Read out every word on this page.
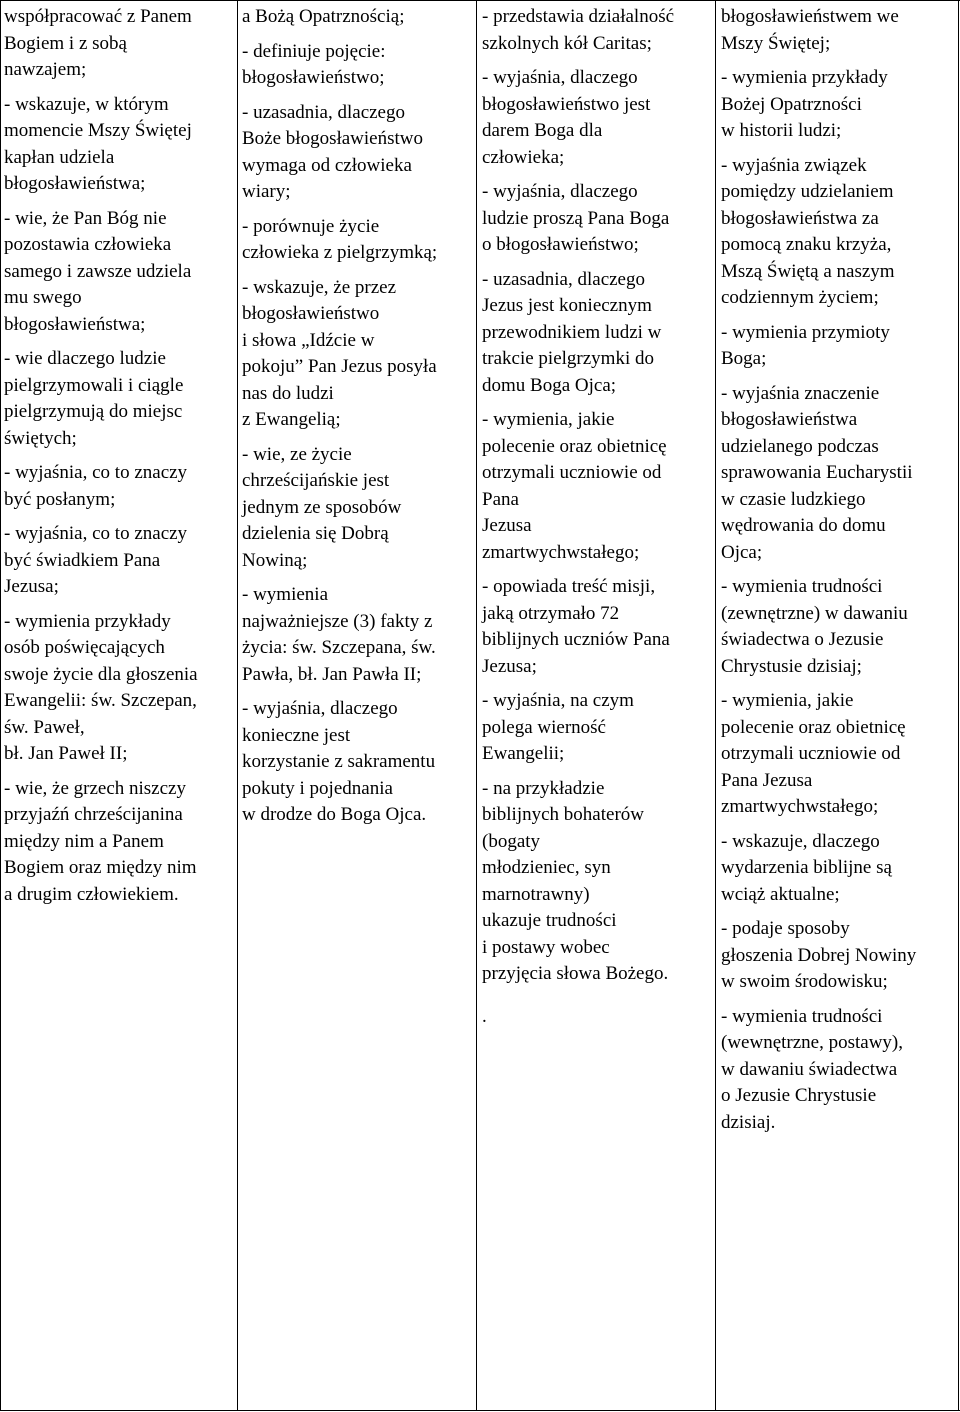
współpracować z Panem
Bogiem i z sobą
nawzajem;
- wskazuje, w którym
momencie Mszy Świętej
kapłan udziela
błogosławieństwa;
- wie, że Pan Bóg nie
pozostawia człowieka
samego i zawsze udziela
mu swego
błogosławieństwa;
- wie dlaczego ludzie
pielgrzymowali i ciągle
pielgrzymują do miejsc
świętych;
- wyjaśnia, co to znaczy
być posłanym;
- wyjaśnia, co to znaczy
być świadkiem Pana
Jezusa;
- wymienia przykłady
osób poświęcających
swoje życie dla głoszenia
Ewangelii: św. Szczepan,
św. Paweł,
bł. Jan Paweł II;
- wie, że grzech niszczy
przyjaźń chrześcijanina
między nim a Panem
Bogiem oraz między nim
a drugim człowiekiem.
a Bożą Opatrznością;
- definiuje pojęcie:
błogosławieństwo;
- uzasadnia, dlaczego
Boże błogosławieństwo
wymaga od człowieka
wiary;
- porównuje życie
człowieka z pielgrzymką;
- wskazuje, że przez
błogosławieństwo
i słowa „Idźcie w
pokoju” Pan Jezus posyła
nas do ludzi
z Ewangelią;
- wie, ze życie
chrześcijańskie jest
jednym ze sposobów
dzielenia się Dobrą
Nowiną;
- wymienia
najważniejsze (3) fakty z
życia: św. Szczepana, św.
Pawła, bł. Jan Pawła II;
- wyjaśnia, dlaczego
konieczne jest
korzystanie z sakramentu
pokuty i pojednania
w drodze do Boga Ojca.
- przedstawia działalność
szkolnych kół Caritas;
- wyjaśnia, dlaczego
błogosławieństwo jest
darem Boga dla
człowieka;
- wyjaśnia, dlaczego
ludzie proszą Pana Boga
o błogosławieństwo;
- uzasadnia, dlaczego
Jezus jest koniecznym
przewodnikiem ludzi w
trakcie pielgrzymki do
domu Boga Ojca;
- wymienia, jakie
polecenie oraz obietnicę
otrzymali uczniowie od
Pana
Jezusa
zmartwychwstałego;
- opowiada treść misji,
jaką otrzymało 72
biblijnych uczniów Pana
Jezusa;
- wyjaśnia, na czym
polega wierność
Ewangelii;
- na przykładzie
biblijnych bohaterów
(bogaty
młodzieniec, syn
marnotrawny)
ukazuje trudności
i postawy wobec
przyjęcia słowa Bożego.
.
błogosławieństwem we
Mszy Świętej;
- wymienia przykłady
Bożej Opatrzności
w historii ludzi;
- wyjaśnia związek
pomiędzy udzielaniem
błogosławieństwa za
pomocą znaku krzyża,
Mszą Świętą a naszym
codziennym życiem;
- wymienia przymioty
Boga;
- wyjaśnia znaczenie
błogosławieństwa
udzielanego podczas
sprawowania Eucharystii
w czasie ludzkiego
wędrowania do domu
Ojca;
- wymienia trudności
(zewnętrzne) w dawaniu
świadectwa o Jezusie
Chrystusie dzisiaj;
- wymienia, jakie
polecenie oraz obietnicę
otrzymali uczniowie od
Pana Jezusa
zmartwychwstałego;
- wskazuje, dlaczego
wydarzenia biblijne są
wciąż aktualne;
- podaje sposoby
głoszenia Dobrej Nowiny
w swoim środowisku;
- wymienia trudności
(wewnętrzne, postawy),
w dawaniu świadectwa
o Jezusie Chrystusie
dzisiaj.
